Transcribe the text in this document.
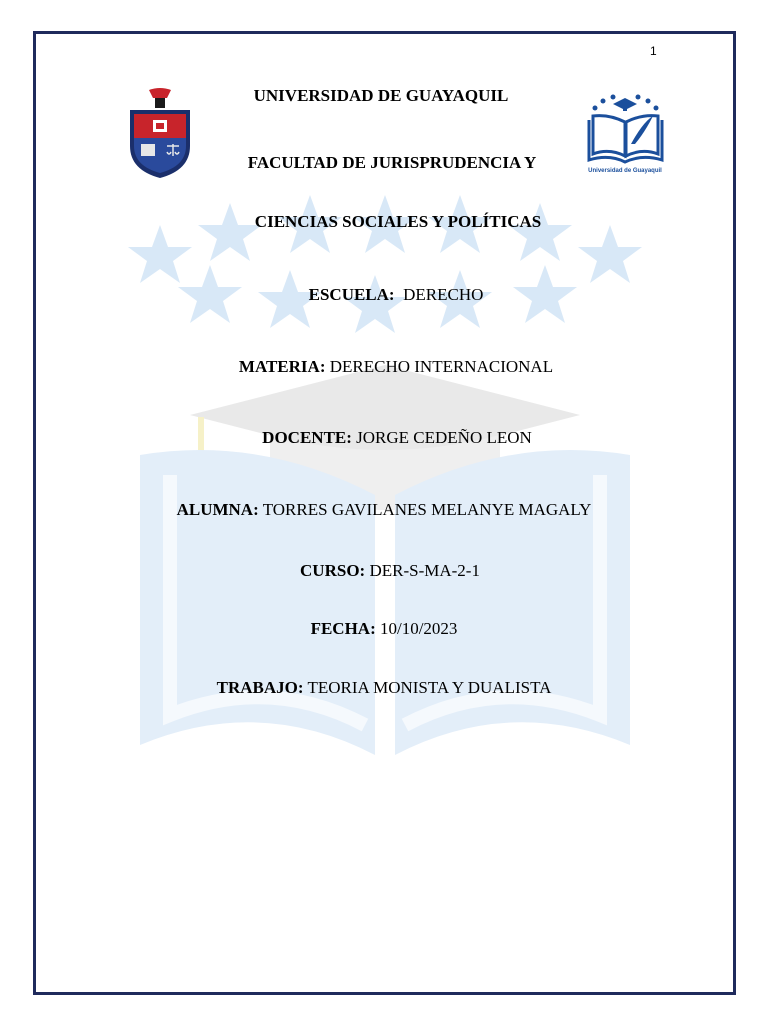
1
Universidad de Guayaquil
UNIVERSIDAD DE GUAYAQUIL
FACULTAD DE JURISPRUDENCIA Y
CIENCIAS SOCIALES Y POLÍTICAS
ESCUELA:  DERECHO
MATERIA: DERECHO INTERNACIONAL
DOCENTE: JORGE CEDEÑO LEON
ALUMNA: TORRES GAVILANES MELANYE MAGALY
CURSO: DER-S-MA-2-1
FECHA: 10/10/2023
TRABAJO: TEORIA MONISTA Y DUALISTA
